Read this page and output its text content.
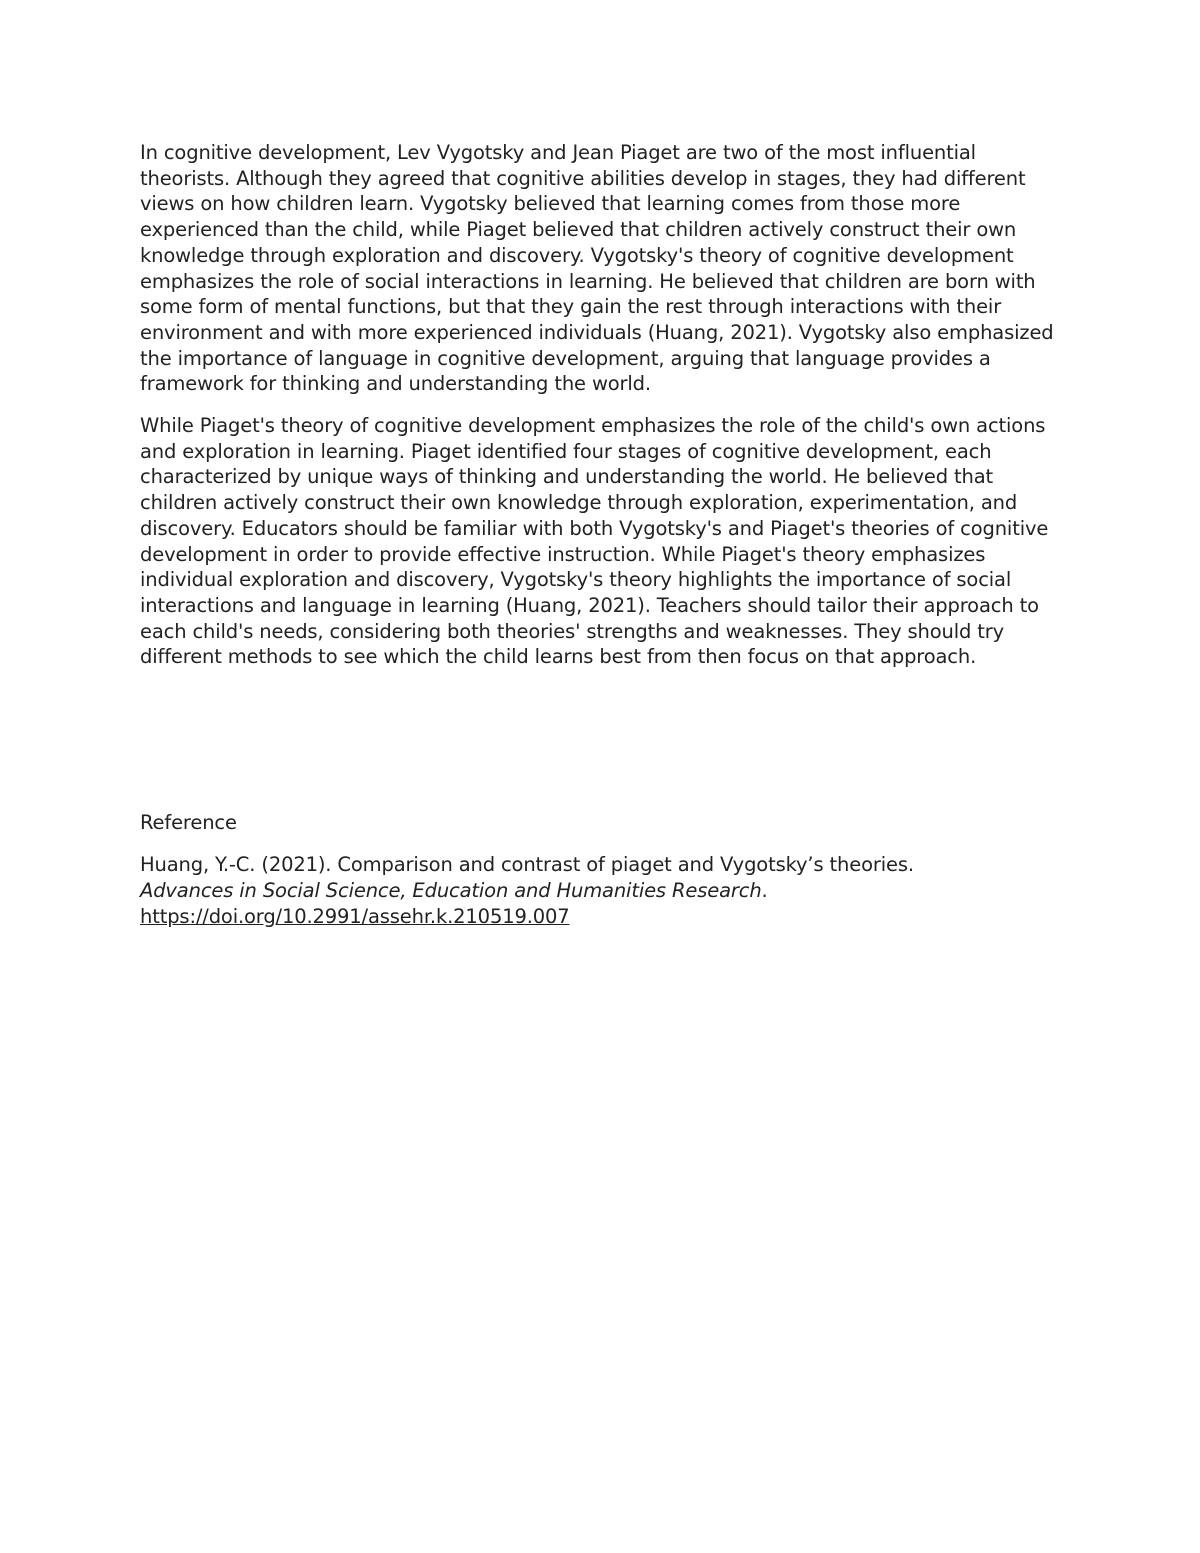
In cognitive development, Lev Vygotsky and Jean Piaget are two of the most influential theorists. Although they agreed that cognitive abilities develop in stages, they had different views on how children learn. Vygotsky believed that learning comes from those more experienced than the child, while Piaget believed that children actively construct their own knowledge through exploration and discovery. Vygotsky's theory of cognitive development emphasizes the role of social interactions in learning. He believed that children are born with some form of mental functions, but that they gain the rest through interactions with their environment and with more experienced individuals (Huang, 2021). Vygotsky also emphasized the importance of language in cognitive development, arguing that language provides a framework for thinking and understanding the world.

While Piaget's theory of cognitive development emphasizes the role of the child's own actions and exploration in learning. Piaget identified four stages of cognitive development, each characterized by unique ways of thinking and understanding the world. He believed that children actively construct their own knowledge through exploration, experimentation, and discovery. Educators should be familiar with both Vygotsky's and Piaget's theories of cognitive development in order to provide effective instruction. While Piaget's theory emphasizes individual exploration and discovery, Vygotsky's theory highlights the importance of social interactions and language in learning (Huang, 2021). Teachers should tailor their approach to each child's needs, considering both theories' strengths and weaknesses. They should try different methods to see which the child learns best from then focus on that approach.

Reference

Huang, Y.-C. (2021). Comparison and contrast of piaget and Vygotsky’s theories.
Advances in Social Science, Education and Humanities Research.
https://doi.org/10.2991/assehr.k.210519.007
